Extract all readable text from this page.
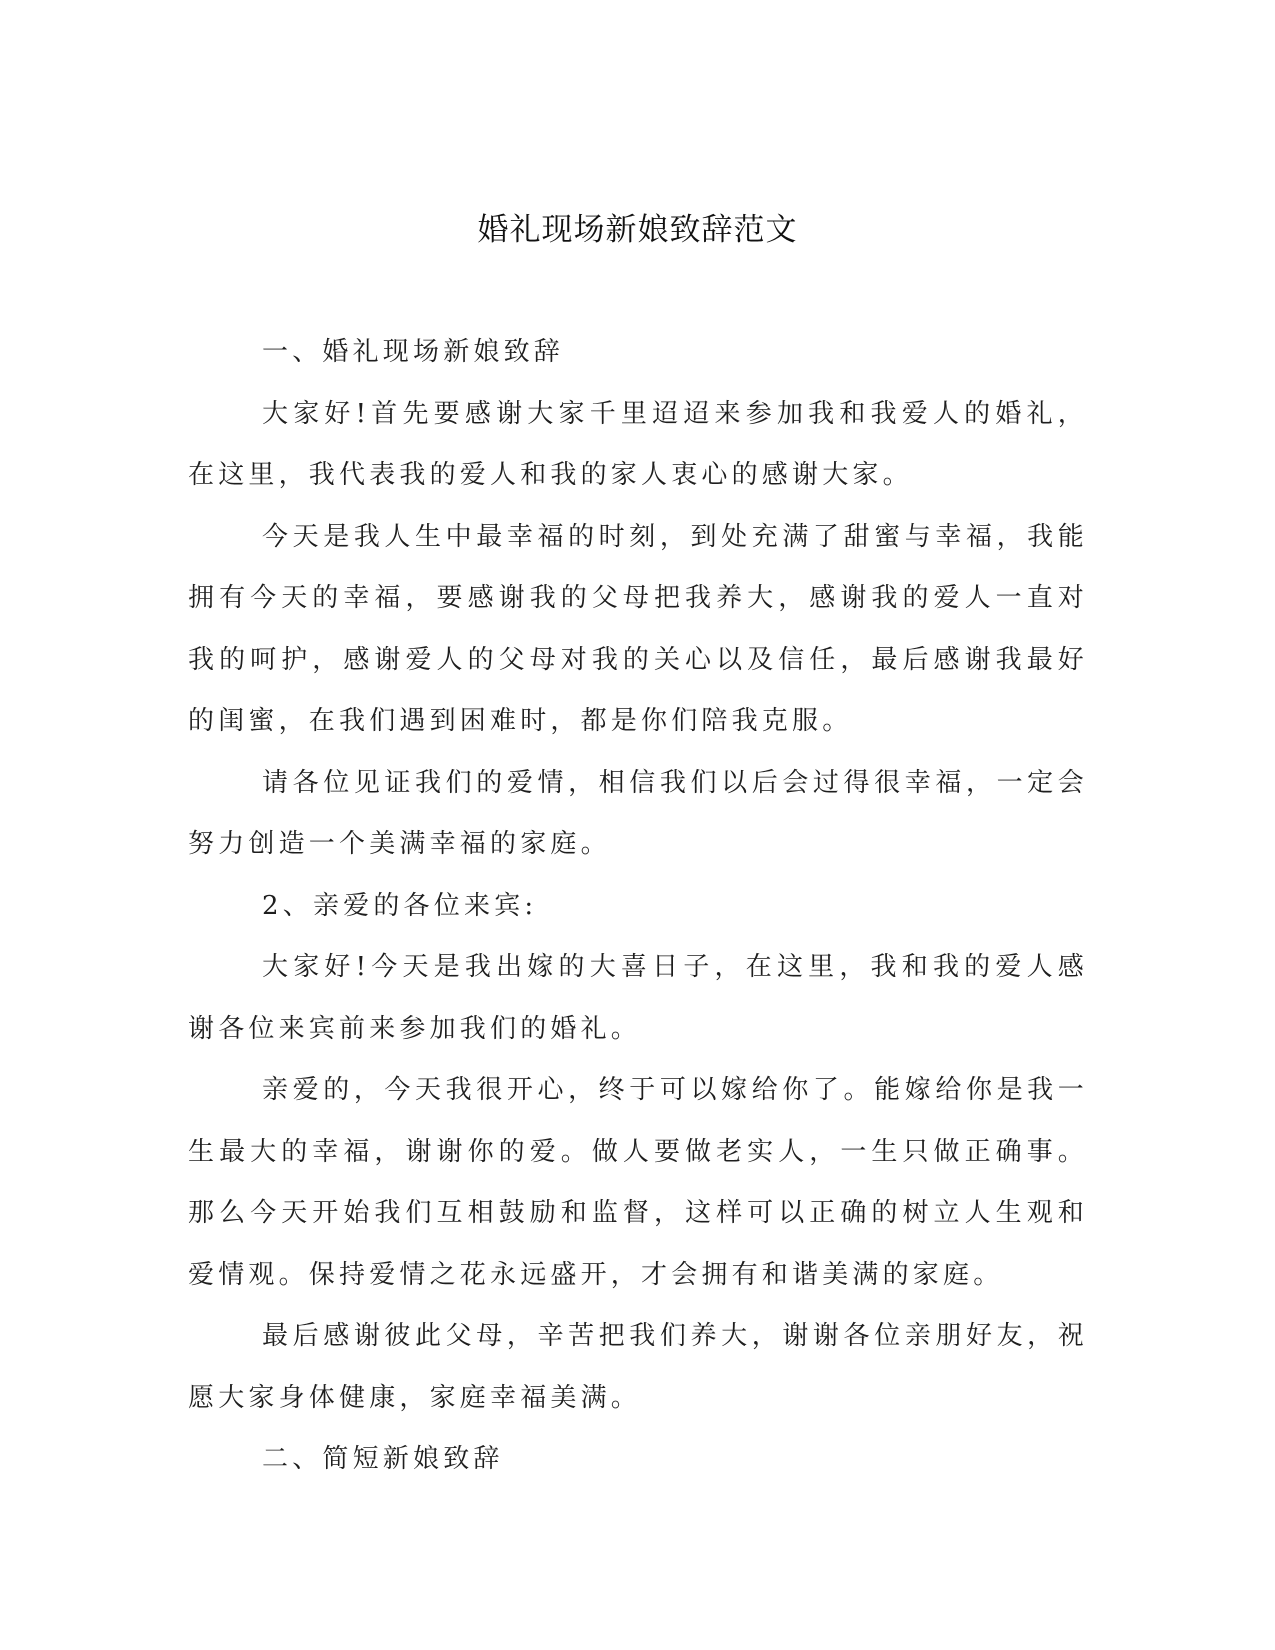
婚礼现场新娘致辞范文

一、婚礼现场新娘致辞

大家好!首先要感谢大家千里迢迢来参加我和我爱人的婚礼，在这里，我代表我的爱人和我的家人衷心的感谢大家。

今天是我人生中最幸福的时刻，到处充满了甜蜜与幸福，我能拥有今天的幸福，要感谢我的父母把我养大，感谢我的爱人一直对我的呵护，感谢爱人的父母对我的关心以及信任，最后感谢我最好的闺蜜，在我们遇到困难时，都是你们陪我克服。

请各位见证我们的爱情，相信我们以后会过得很幸福，一定会努力创造一个美满幸福的家庭。

2、亲爱的各位来宾:

大家好!今天是我出嫁的大喜日子，在这里，我和我的爱人感谢各位来宾前来参加我们的婚礼。

亲爱的，今天我很开心，终于可以嫁给你了。能嫁给你是我一生最大的幸福，谢谢你的爱。做人要做老实人，一生只做正确事。那么今天开始我们互相鼓励和监督，这样可以正确的树立人生观和爱情观。保持爱情之花永远盛开，才会拥有和谐美满的家庭。

最后感谢彼此父母，辛苦把我们养大，谢谢各位亲朋好友，祝愿大家身体健康，家庭幸福美满。

二、简短新娘致辞
